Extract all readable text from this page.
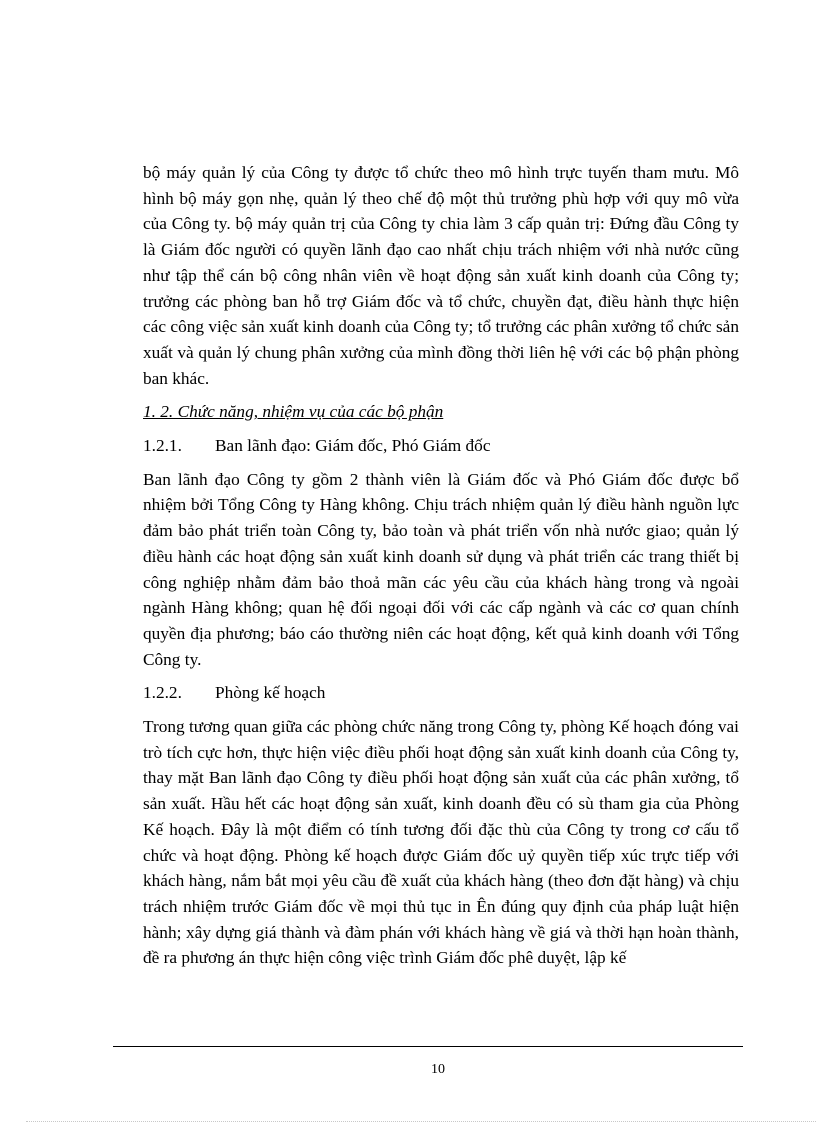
bộ máy quản lý của Công ty được tổ chức theo mô hình trực tuyến tham mưu. Mô hình bộ máy gọn nhẹ, quản lý theo chế độ một thủ trưởng phù hợp với quy mô vừa của Công ty. bộ máy quản trị của Công ty chia làm 3 cấp quản trị: Đứng đầu Công ty là Giám đốc người có quyền lãnh đạo cao nhất chịu trách nhiệm với nhà nước cũng như tập thể cán bộ công nhân viên về hoạt động sản xuất kinh doanh của Công ty; trưởng các phòng ban hỗ trợ Giám đốc và tổ chức, chuyền đạt, điều hành thực hiện các công việc sản xuất kinh doanh của Công ty; tổ trưởng các phân xưởng tổ chức sản xuất và quản lý chung phân xưởng của mình đồng thời liên hệ với các bộ phận phòng ban khác.

1. 2. Chức năng, nhiệm vụ của các bộ phận

1.2.1. Ban lãnh đạo: Giám đốc, Phó Giám đốc

Ban lãnh đạo Công ty gồm 2 thành viên là Giám đốc và Phó Giám đốc được bổ nhiệm bởi Tổng Công ty Hàng không. Chịu trách nhiệm quản lý điều hành nguồn lực đảm bảo phát triển toàn Công ty, bảo toàn và phát triển vốn nhà nước giao; quản lý điều hành các hoạt động sản xuất kinh doanh sử dụng và phát triển các trang thiết bị công nghiệp nhằm đảm bảo thoả mãn các yêu cầu của khách hàng trong và ngoài ngành Hàng không; quan hệ đối ngoại đối với các cấp ngành và các cơ quan chính quyền địa phương; báo cáo thường niên các hoạt động, kết quả kinh doanh với Tổng Công ty.

1.2.2. Phòng kế hoạch

Trong tương quan giữa các phòng chức năng trong Công ty, phòng Kế hoạch đóng vai trò tích cực hơn, thực hiện việc điều phối hoạt động sản xuất kinh doanh của Công ty, thay mặt Ban lãnh đạo Công ty điều phối hoạt động sản xuất của các phân xưởng, tổ sản xuất. Hầu hết các hoạt động sản xuất, kinh doanh đều có sù tham gia của Phòng Kế hoạch. Đây là một điểm có tính tương đối đặc thù của Công ty trong cơ cấu tổ chức và hoạt động. Phòng kế hoạch được Giám đốc uỷ quyền tiếp xúc trực tiếp với khách hàng, nắm bắt mọi yêu cầu đề xuất của khách hàng (theo đơn đặt hàng) và chịu trách nhiệm trước Giám đốc về mọi thủ tục in Ên đúng quy định của pháp luật hiện hành; xây dựng giá thành và đàm phán với khách hàng về giá và thời hạn hoàn thành, đề ra phương án thực hiện công việc trình Giám đốc phê duyệt, lập kế

10
